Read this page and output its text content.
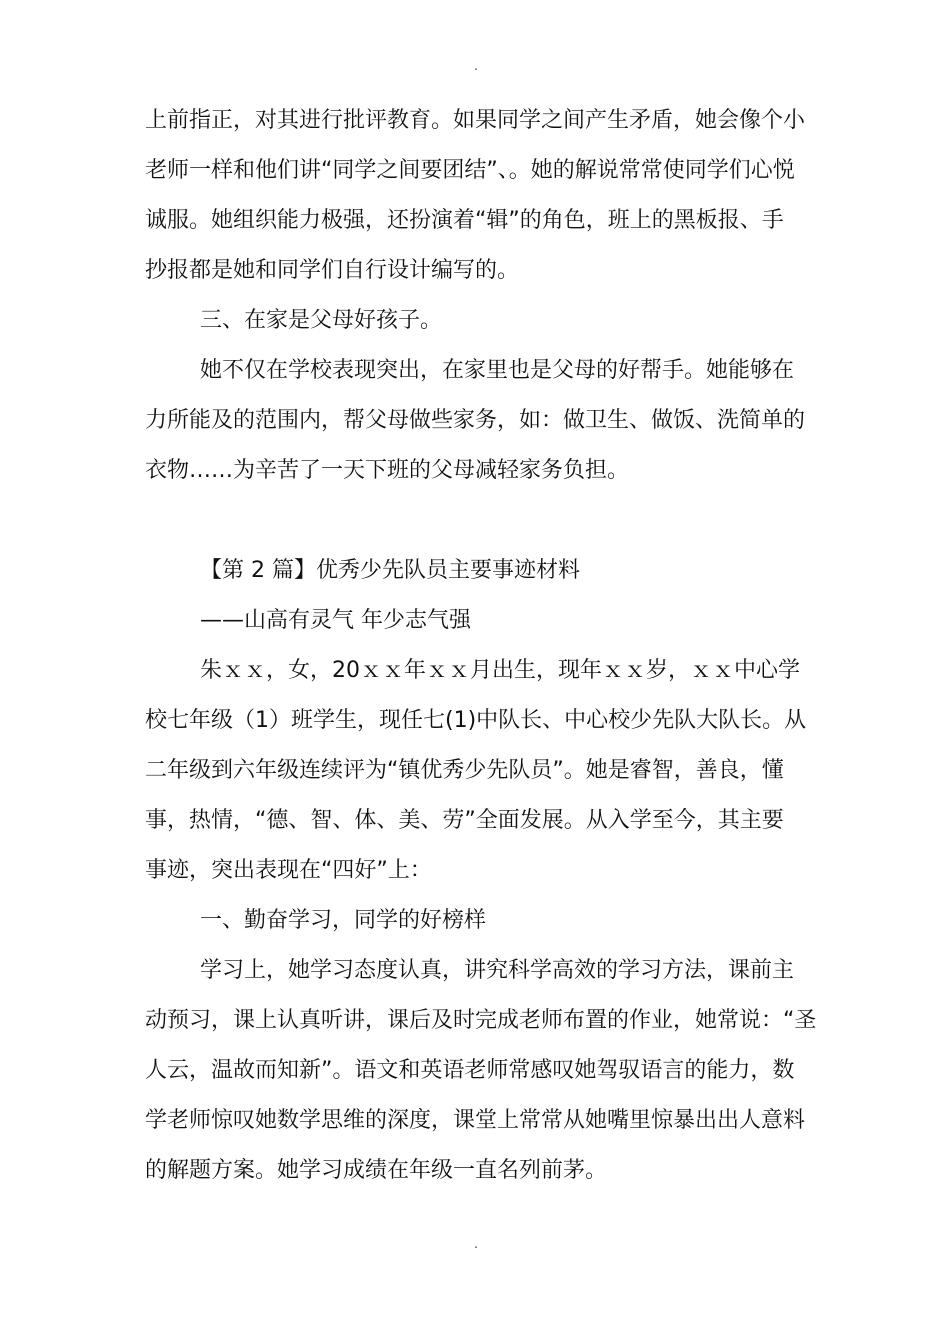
.
上前指正，对其进行批评教育。如果同学之间产生矛盾，她会像个小
老师一样和他们讲“同学之间要团结”、。她的解说常常使同学们心悦
诚服。她组织能力极强，还扮演着“辑”的角色，班上的黑板报、手
抄报都是她和同学们自行设计编写的。
三、在家是父母好孩子。
她不仅在学校表现突出，在家里也是父母的好帮手。她能够在
力所能及的范围内，帮父母做些家务，如：做卫生、做饭、洗简单的
衣物……为辛苦了一天下班的父母减轻家务负担。
【第 2 篇】优秀少先队员主要事迹材料
——山高有灵气 年少志气强
朱ｘｘ，女，20ｘｘ年ｘｘ月出生，现年ｘｘ岁，ｘｘ中心学
校七年级（1）班学生，现任七(1)中队长、中心校少先队大队长。从
二年级到六年级连续评为“镇优秀少先队员”。她是睿智，善良，懂
事，热情，“德、智、体、美、劳”全面发展。从入学至今，其主要
事迹，突出表现在“四好”上：
一、勤奋学习，同学的好榜样
学习上，她学习态度认真，讲究科学高效的学习方法，课前主
动预习，课上认真听讲，课后及时完成老师布置的作业，她常说：“圣
人云，温故而知新”。语文和英语老师常感叹她驾驭语言的能力，数
学老师惊叹她数学思维的深度，课堂上常常从她嘴里惊暴出出人意料
的解题方案。她学习成绩在年级一直名列前茅。
.
